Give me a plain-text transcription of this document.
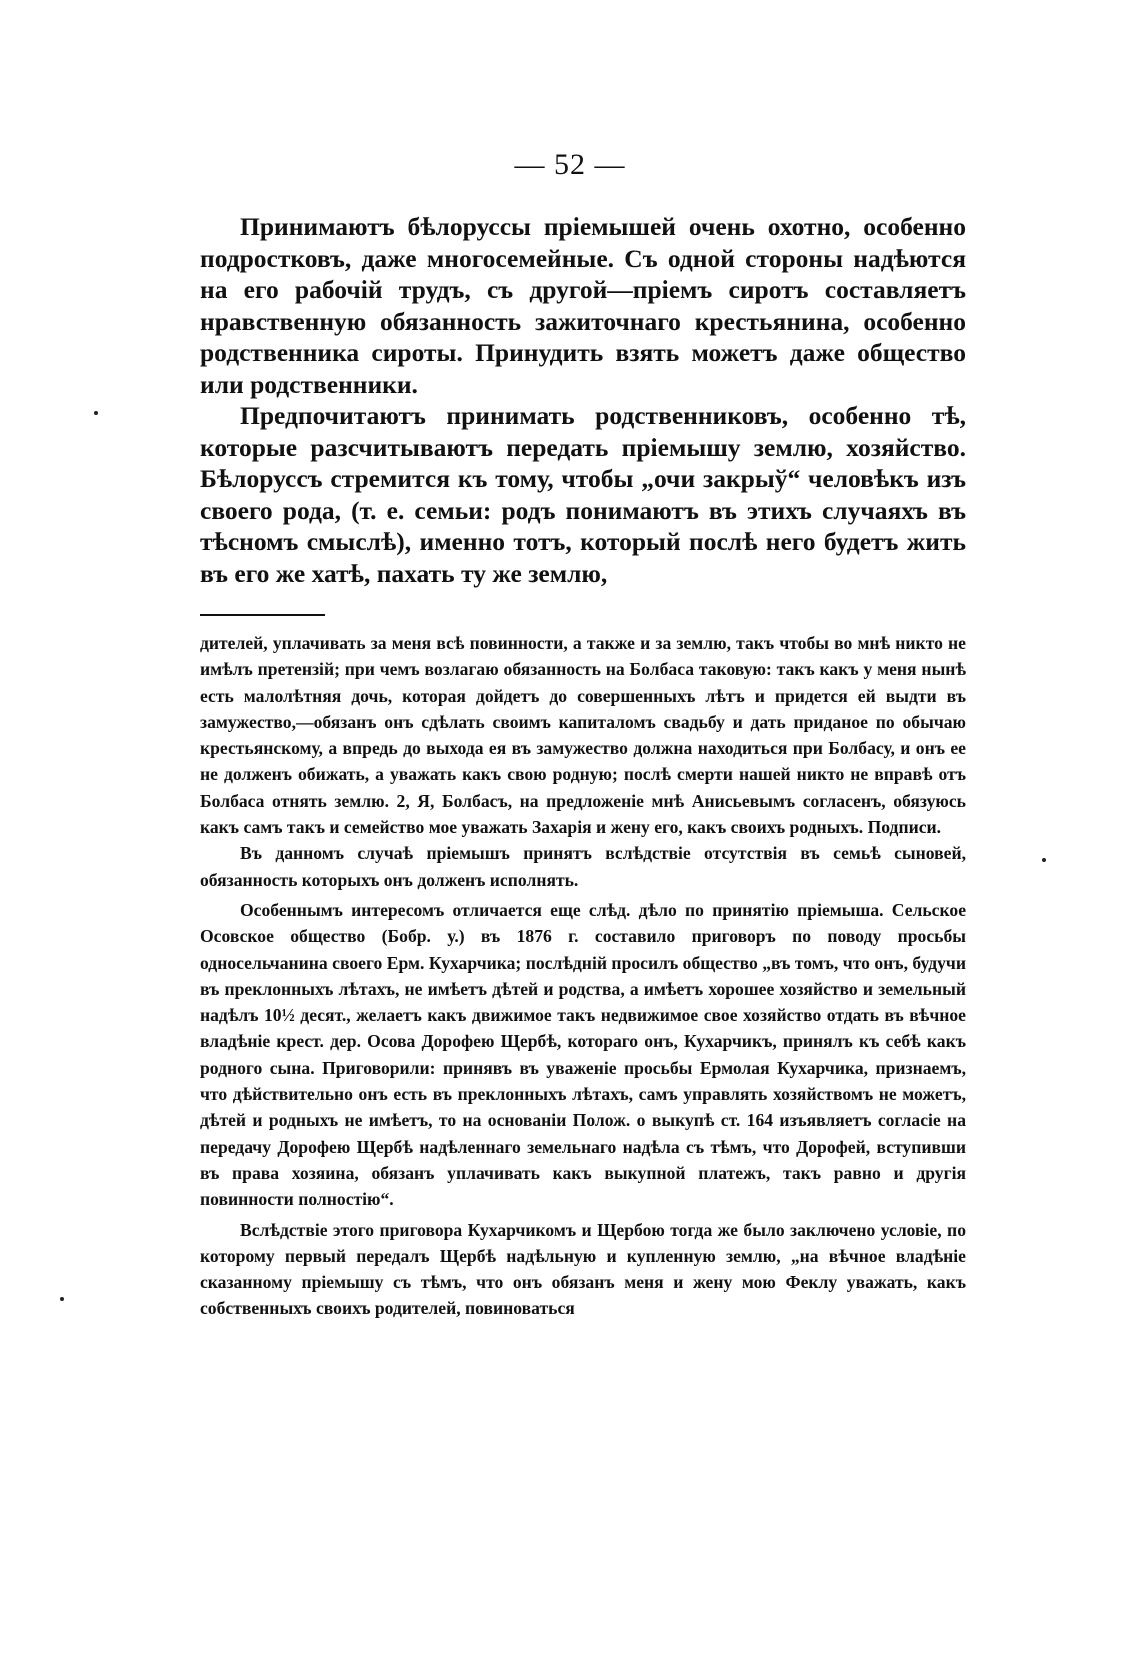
— 52 —

Принимаютъ бѣлоруссы пріемышей очень охотно, особенно подростковъ, даже многосемейные. Съ одной стороны надѣются на его рабочій трудъ, съ другой—пріемъ сиротъ составляетъ нравственную обязанность зажиточнаго крестьянина, особенно родственника сироты. Принудить взять можетъ даже общество или родственники.

Предпочитаютъ принимать родственниковъ, особенно тѣ, которые разсчитываютъ передать пріемышу землю, хозяйство. Бѣлоруссъ стремится къ тому, чтобы „очи закрыў“ человѣкъ изъ своего рода, (т. е. семьи: родъ понимаютъ въ этихъ случаяхъ въ тѣсномъ смыслѣ), именно тотъ, который послѣ него будетъ жить въ его же хатѣ, пахать ту же землю,

дителей, уплачивать за меня всѣ повинности, а также и за землю, такъ чтобы во мнѣ никто не имѣлъ претензій; при чемъ возлагаю обязанность на Болбаса таковую: такъ какъ у меня нынѣ есть малолѣтняя дочь, которая дойдетъ до совершенныхъ лѣтъ и придется ей выдти въ замужество,—обязанъ онъ сдѣлать своимъ капиталомъ свадьбу и дать приданое по обычаю крестьянскому, а впредь до выхода ея въ замужество должна находиться при Болбасу, и онъ ее не долженъ обижать, а уважать какъ свою родную; послѣ смерти нашей никто не вправѣ отъ Болбаса отнять землю. 2, Я, Болбасъ, на предложеніе мнѣ Анисьевымъ согласенъ, обязуюсь какъ самъ такъ и семейство мое уважать Захарія и жену его, какъ своихъ родныхъ. Подписи.

Въ данномъ случаѣ пріемышъ принятъ вслѣдствіе отсутствія въ семьѣ сыновей, обязанность которыхъ онъ долженъ исполнять.

Особеннымъ интересомъ отличается еще слѣд. дѣло по принятію пріемыша. Сельское Осовское общество (Бобр. у.) въ 1876 г. составило приговоръ по поводу просьбы односельчанина своего Ерм. Кухарчика; послѣдній просилъ общество „въ томъ, что онъ, будучи въ преклонныхъ лѣтахъ, не имѣетъ дѣтей и родства, а имѣетъ хорошее хозяйство и земельный надѣлъ 10½ десят., желаетъ какъ движимое такъ недвижимое свое хозяйство отдать въ вѣчное владѣніе крест. дер. Осова Дорофею Щербѣ, котораго онъ, Кухарчикъ, принялъ къ себѣ какъ родного сына. Приговорили: принявъ въ уваженіе просьбы Ермолая Кухарчика, признаемъ, что дѣйствительно онъ есть въ преклонныхъ лѣтахъ, самъ управлять хозяйствомъ не можетъ, дѣтей и родныхъ не имѣетъ, то на основаніи Полож. о выкупѣ ст. 164 изъявляетъ согласіе на передачу Дорофею Щербѣ надѣленнаго земельнаго надѣла съ тѣмъ, что Дорофей, вступивши въ права хозяина, обязанъ уплачивать какъ выкупной платежъ, такъ равно и другія повинности полностію“.

Вслѣдствіе этого приговора Кухарчикомъ и Щербою тогда же было заключено условіе, по которому первый передалъ Щербѣ надѣльную и купленную землю, „на вѣчное владѣніе сказанному пріемышу съ тѣмъ, что онъ обязанъ меня и жену мою Феклу уважать, какъ собственныхъ своихъ родителей, повиноваться
